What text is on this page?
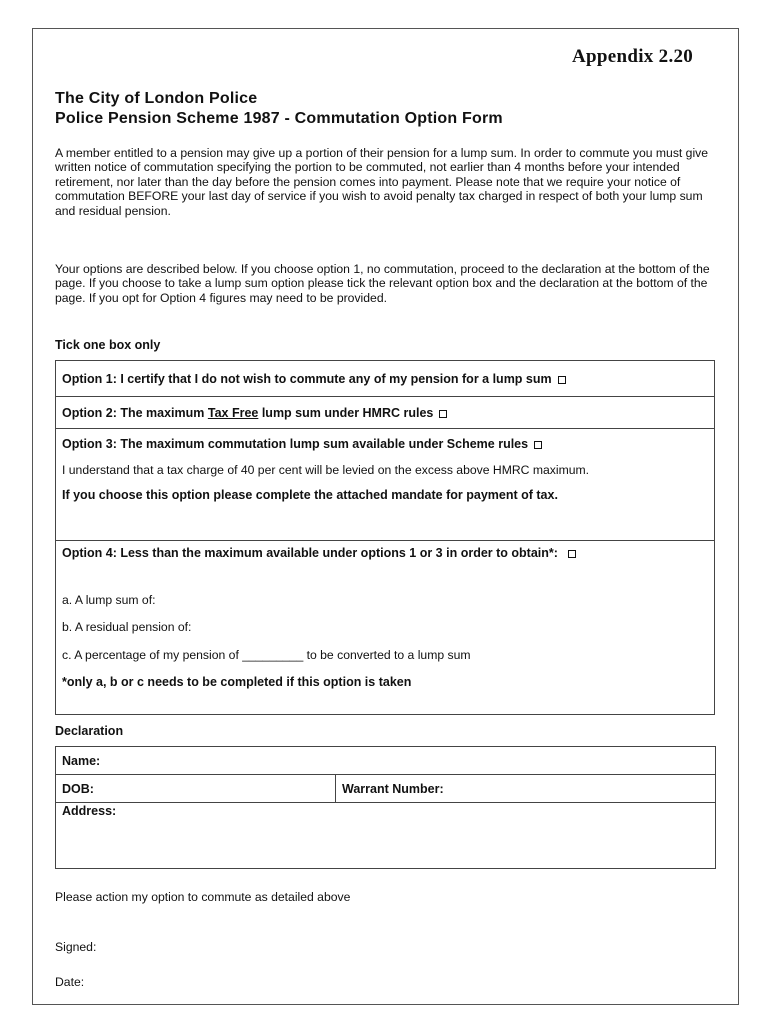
Appendix 2.20
The City of London Police
Police Pension Scheme 1987 - Commutation Option Form

A member entitled to a pension may give up a portion of their pension for a lump sum. In order to commute you must give written notice of commutation specifying the portion to be commuted, not earlier than 4 months before your intended retirement, nor later than the day before the pension comes into payment. Please note that we require your notice of commutation BEFORE your last day of service if you wish to avoid penalty tax charged in respect of both your lump sum and residual pension.

Your options are described below. If you choose option 1, no commutation, proceed to the declaration at the bottom of the page. If you choose to take a lump sum option please tick the relevant option box and the declaration at the bottom of the page. If you opt for Option 4 figures may need to be provided.

Tick one box only
Option 1: I certify that I do not wish to commute any of my pension for a lump sum
Option 2: The maximum Tax Free lump sum under HMRC rules

Option 3: The maximum commutation lump sum available under Scheme rules
I understand that a tax charge of 40 per cent will be levied on the excess above HMRC maximum.
If you choose this option please complete the attached mandate for payment of tax.

Option 4: Less than the maximum available under options 1 or 3 in order to obtain*:
a. A lump sum of:
b. A residual pension of:
c. A percentage of my pension of _________ to be converted to a lump sum
*only a, b or c needs to be completed if this option is taken
Declaration
Name:
DOB:	Warrant Number:
Address:
Please action my option to commute as detailed above
Signed:
Date:
